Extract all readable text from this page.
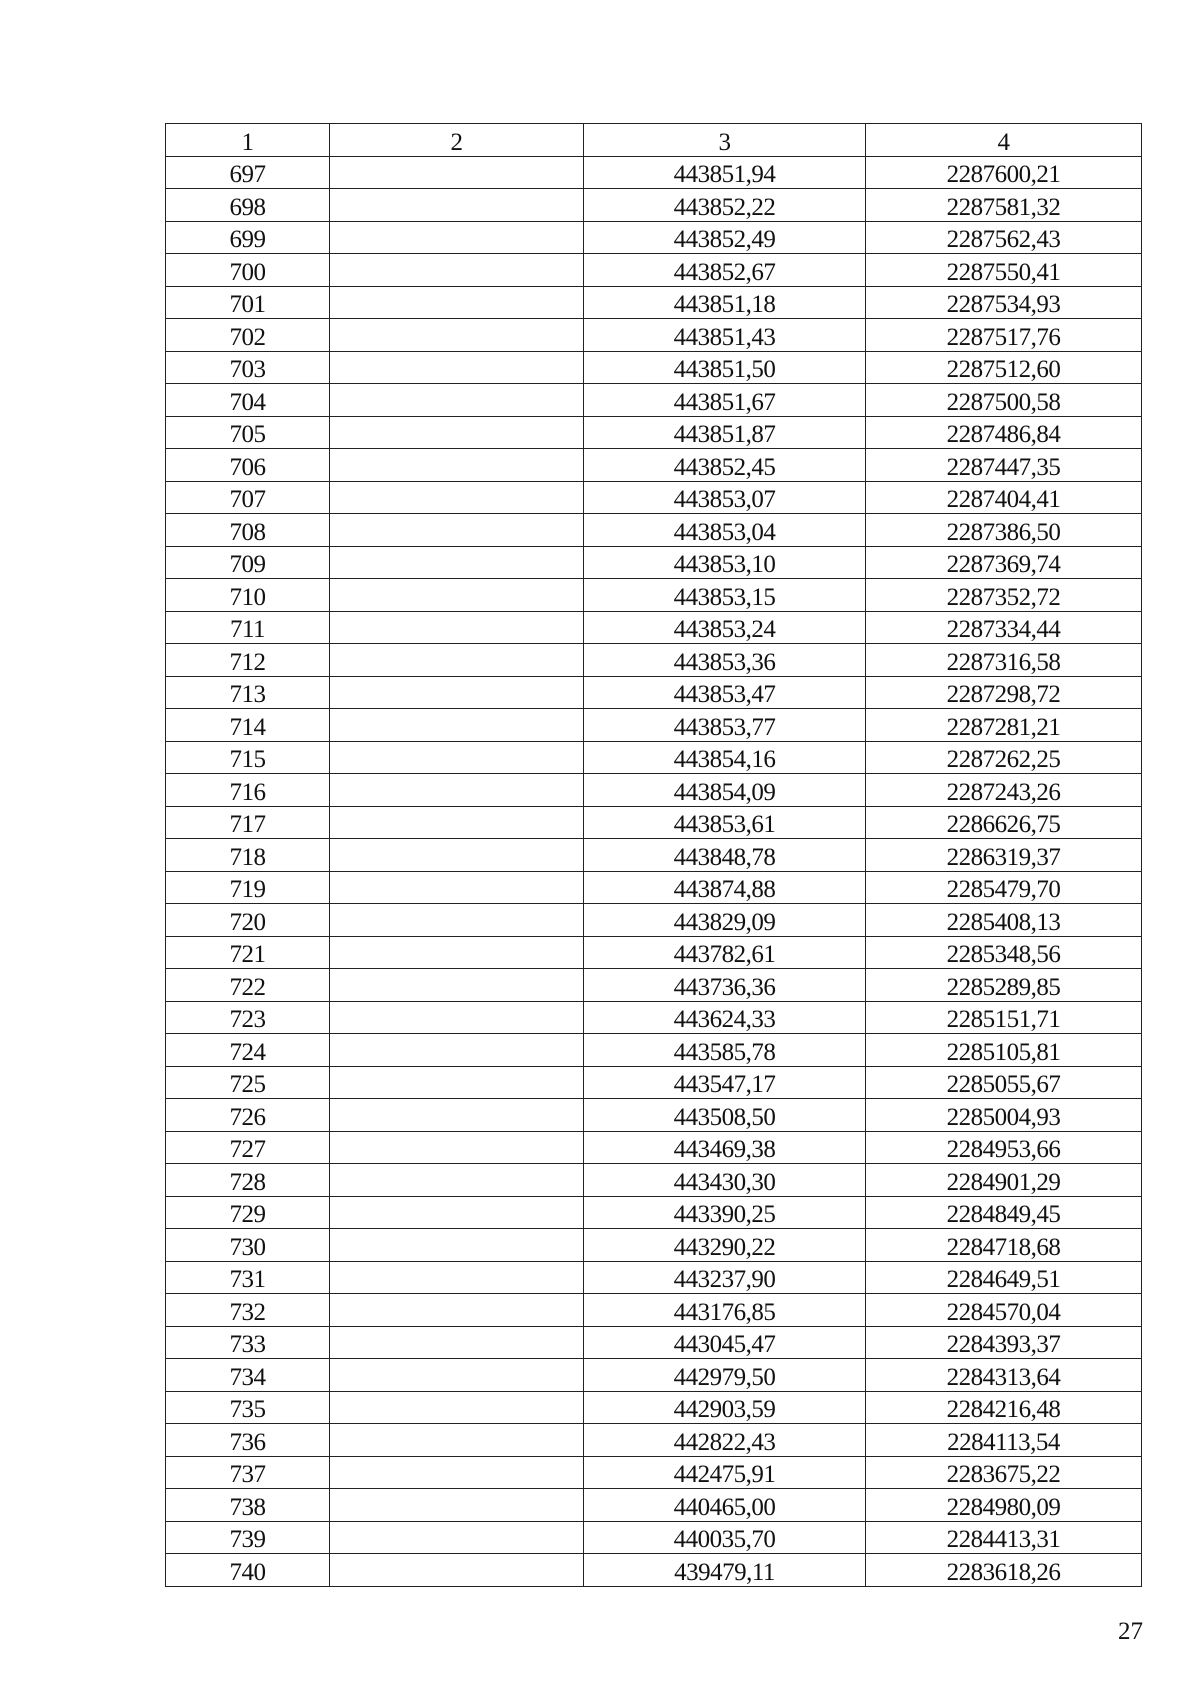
1	2	3	4
697		443851,94	2287600,21
698		443852,22	2287581,32
699		443852,49	2287562,43
700		443852,67	2287550,41
701		443851,18	2287534,93
702		443851,43	2287517,76
703		443851,50	2287512,60
704		443851,67	2287500,58
705		443851,87	2287486,84
706		443852,45	2287447,35
707		443853,07	2287404,41
708		443853,04	2287386,50
709		443853,10	2287369,74
710		443853,15	2287352,72
711		443853,24	2287334,44
712		443853,36	2287316,58
713		443853,47	2287298,72
714		443853,77	2287281,21
715		443854,16	2287262,25
716		443854,09	2287243,26
717		443853,61	2286626,75
718		443848,78	2286319,37
719		443874,88	2285479,70
720		443829,09	2285408,13
721		443782,61	2285348,56
722		443736,36	2285289,85
723		443624,33	2285151,71
724		443585,78	2285105,81
725		443547,17	2285055,67
726		443508,50	2285004,93
727		443469,38	2284953,66
728		443430,30	2284901,29
729		443390,25	2284849,45
730		443290,22	2284718,68
731		443237,90	2284649,51
732		443176,85	2284570,04
733		443045,47	2284393,37
734		442979,50	2284313,64
735		442903,59	2284216,48
736		442822,43	2284113,54
737		442475,91	2283675,22
738		440465,00	2284980,09
739		440035,70	2284413,31
740		439479,11	2283618,26
27
